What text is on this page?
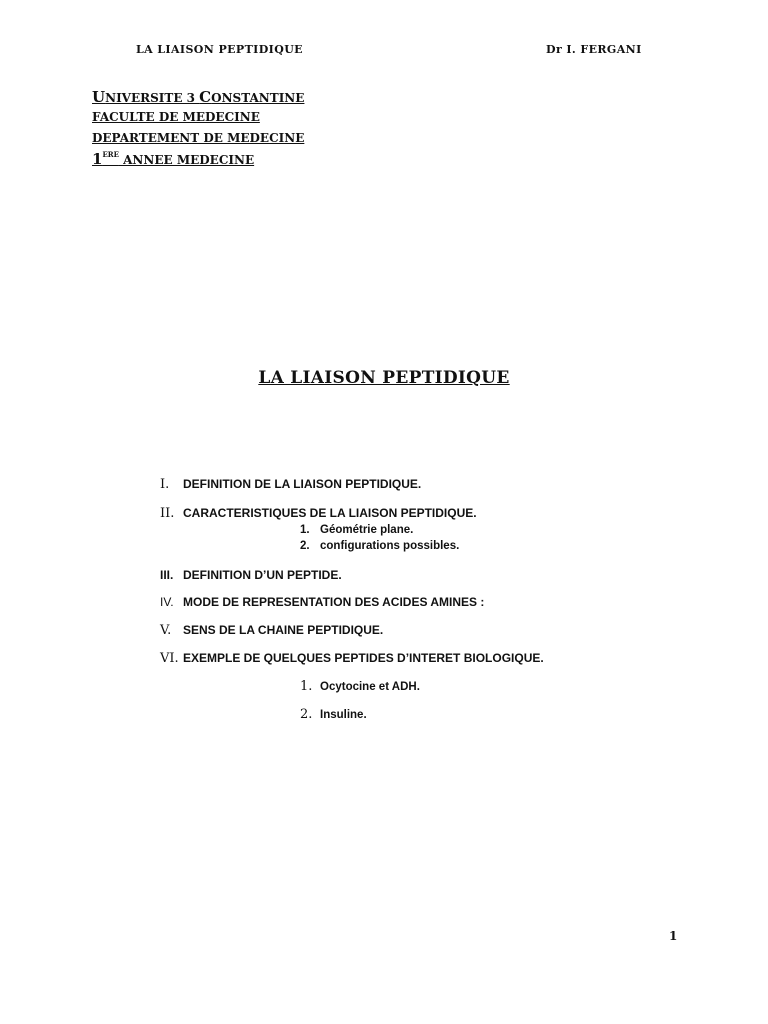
LA LIAISON PEPTIDIQUE	Dr I. FERGANI
UNIVERSITE 3 CONSTANTINE
FACULTE DE MEDECINE
DEPARTEMENT DE MEDECINE
1ERE ANNEE MEDECINE
LA LIAISON PEPTIDIQUE
I.	DEFINITION DE LA LIAISON PEPTIDIQUE.
II. CARACTERISTIQUES DE LA LIAISON PEPTIDIQUE.
1. Géométrie plane.
2. configurations possibles.
III. DEFINITION D’UN PEPTIDE.
IV. MODE DE REPRESENTATION DES ACIDES AMINES :
V. SENS DE LA CHAINE PEPTIDIQUE.
VI. EXEMPLE DE QUELQUES PEPTIDES D’INTERET BIOLOGIQUE.
1. Ocytocine et ADH.
2. Insuline.
1
